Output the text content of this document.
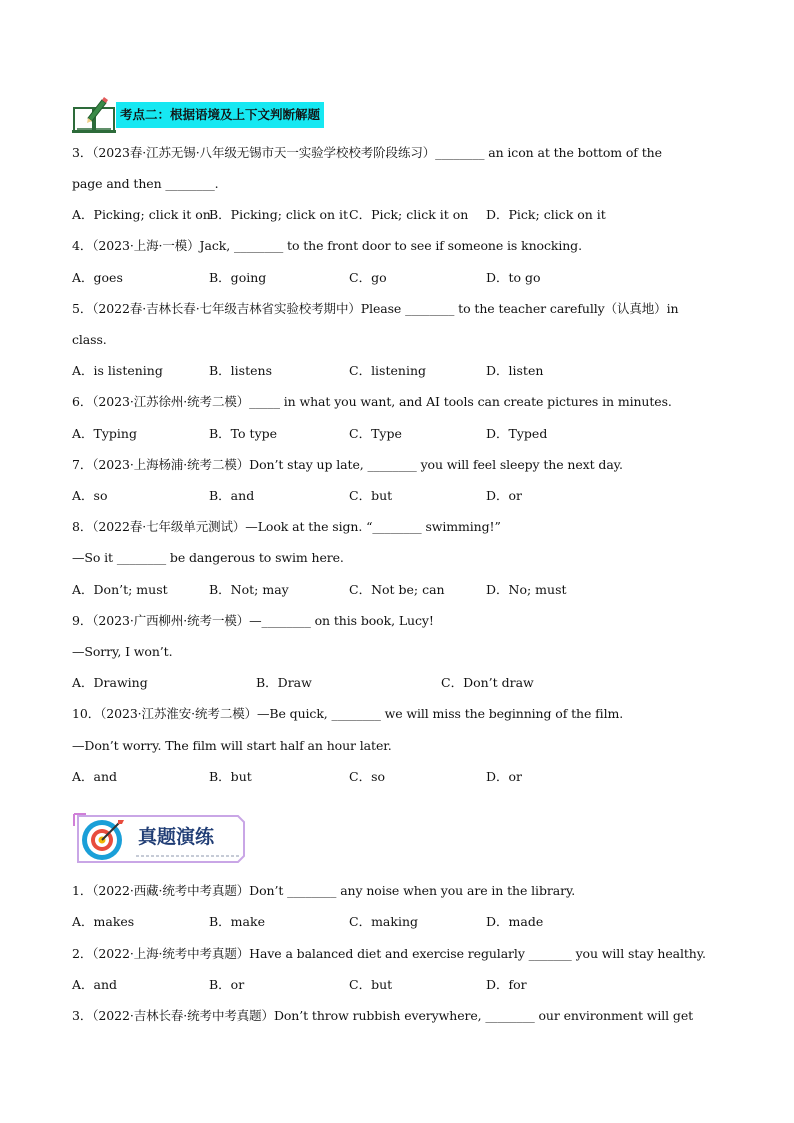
考点二：根据语境及上下文判断解题
3．（2023春·江苏无锡·八年级无锡市天一实验学校校考阶段练习）________ an icon at the bottom of the
page and then ________.
A．Picking; click it on
B．Picking; click on it C．Pick; click it on D．Pick; click on it
4．（2023·上海·一模）Jack, ________ to the front door to see if someone is knocking.
A．goes	B．going	C．go	D．to go
5．（2022春·吉林长春·七年级吉林省实验校考期中）Please ________ to the teacher carefully（认真地）in
class.
A．is listening	B．listens	C．listening	D．listen
6．（2023·江苏徐州·统考二模）_____ in what you want, and AI tools can create pictures in minutes.
A．Typing	B．To type	C．Type	D．Typed
7．（2023·上海杨浦·统考二模）Don’t stay up late, ________ you will feel sleepy the next day.
A．so	B．and	C．but	D．or
8．（2022春·七年级单元测试）—Look at the sign. “________ swimming!”
—So it ________ be dangerous to swim here.
A．Don’t; must	B．Not; may	C．Not be; can	D．No; must
9．（2023·广西柳州·统考一模）—________ on this book, Lucy!
—Sorry, I won’t.
A．Drawing	B．Draw	C．Don’t draw
10．（2023·江苏淮安·统考二模）—Be quick, ________ we will miss the beginning of the film.
—Don’t worry. The film will start half an hour later.
A．and	B．but	C．so	D．or
真题演练
1．（2022·西藏·统考中考真题）Don’t ________ any noise when you are in the library.
A．makes	B．make	C．making	D．made
2．（2022·上海·统考中考真题）Have a balanced diet and exercise regularly _______ you will stay healthy.
A．and	B．or	C．but	D．for
3．（2022·吉林长春·统考中考真题）Don’t throw rubbish everywhere, ________ our environment will get
